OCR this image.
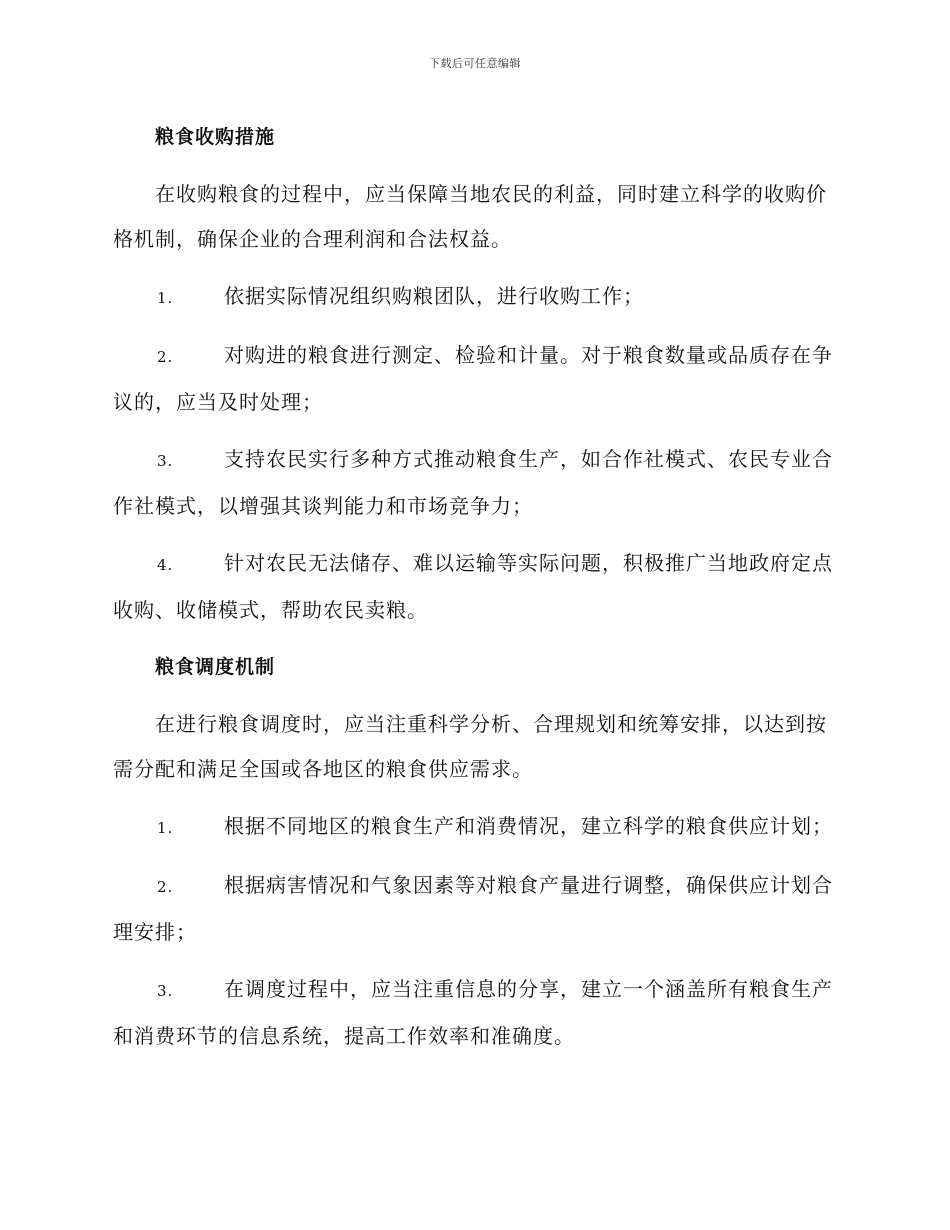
下载后可任意编辑
粮食收购措施
在收购粮食的过程中，应当保障当地农民的利益，同时建立科学的收购价格机制，确保企业的合理利润和合法权益。
1.	依据实际情况组织购粮团队，进行收购工作；
2.	对购进的粮食进行测定、检验和计量。对于粮食数量或品质存在争议的，应当及时处理；
3.	支持农民实行多种方式推动粮食生产，如合作社模式、农民专业合作社模式，以增强其谈判能力和市场竞争力；
4.	针对农民无法储存、难以运输等实际问题，积极推广当地政府定点收购、收储模式，帮助农民卖粮。
粮食调度机制
在进行粮食调度时，应当注重科学分析、合理规划和统筹安排，以达到按需分配和满足全国或各地区的粮食供应需求。
1.	根据不同地区的粮食生产和消费情况，建立科学的粮食供应计划；
2.	根据病害情况和气象因素等对粮食产量进行调整，确保供应计划合理安排；
3.	在调度过程中，应当注重信息的分享，建立一个涵盖所有粮食生产和消费环节的信息系统，提高工作效率和准确度。
